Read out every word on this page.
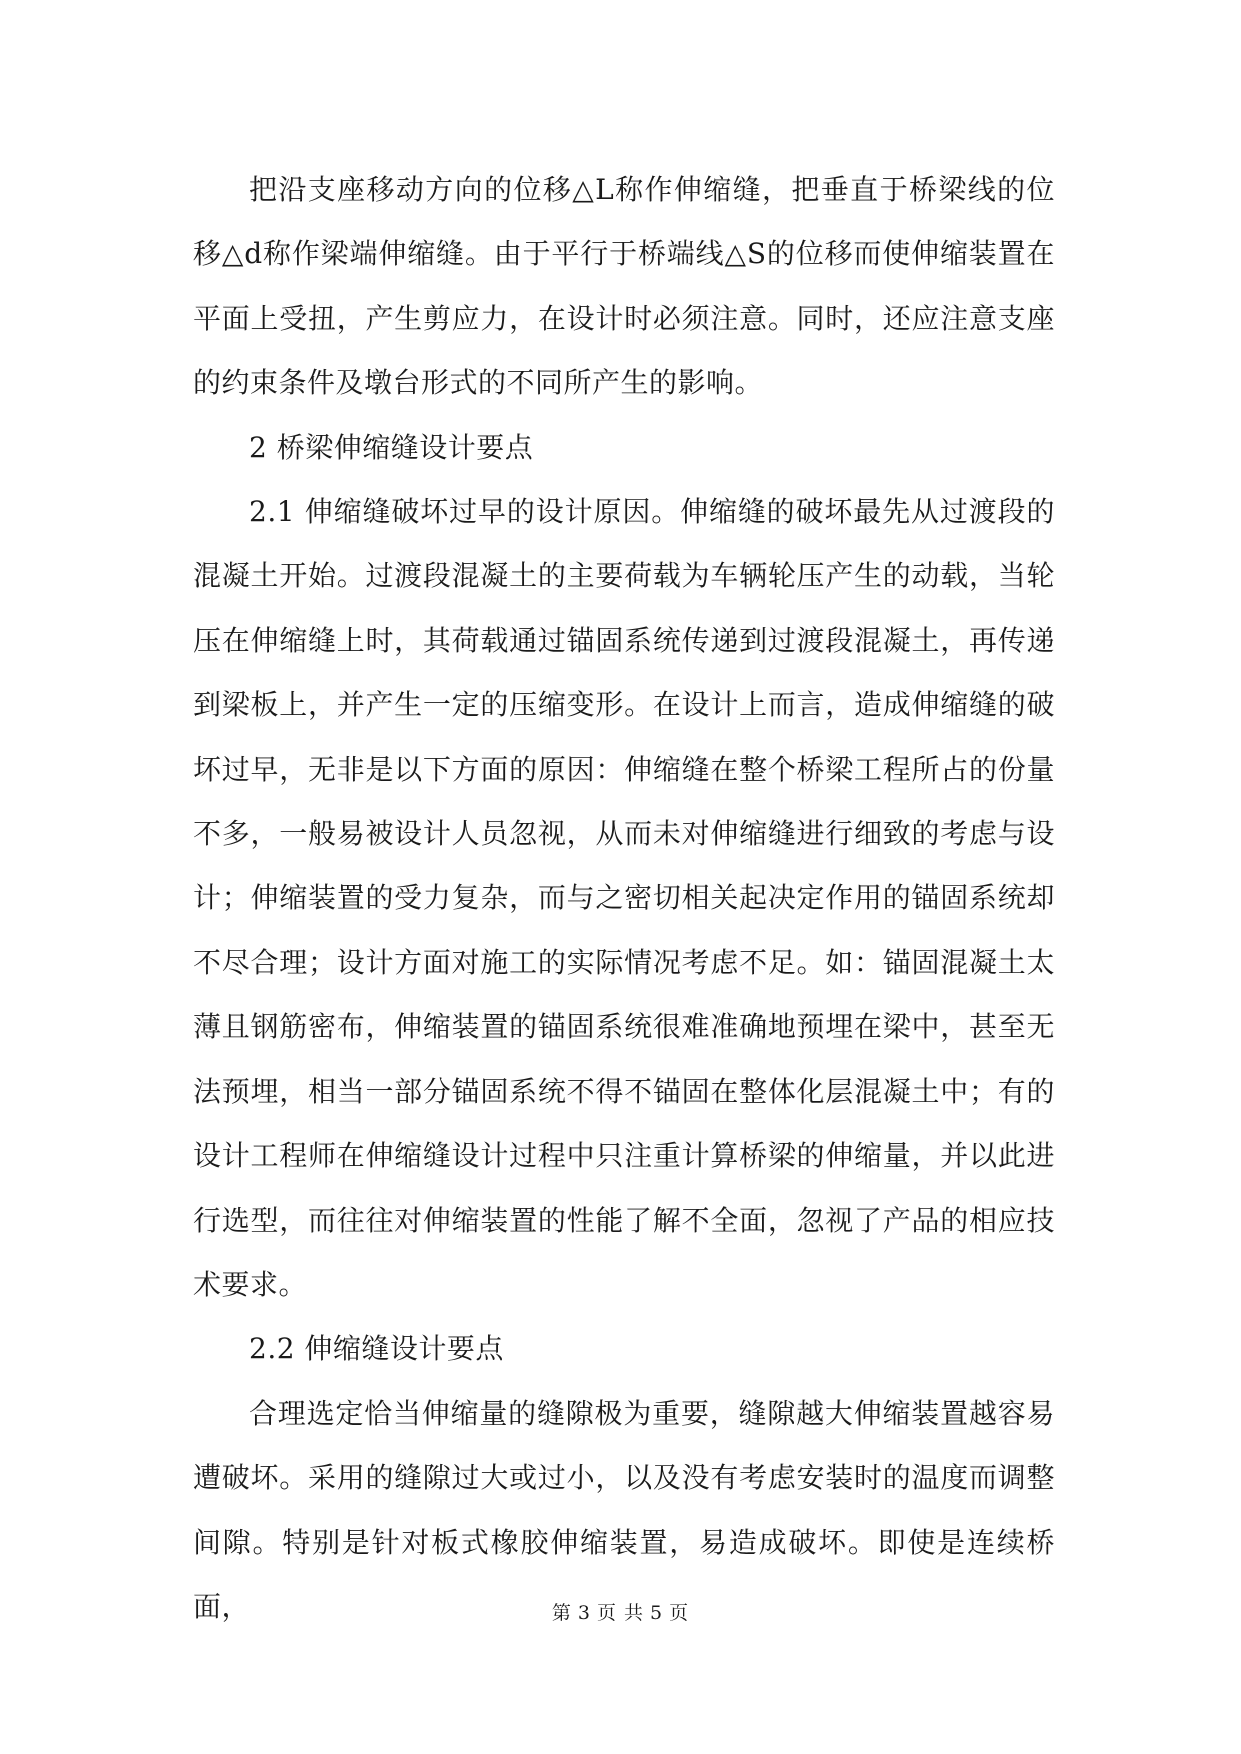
把沿支座移动方向的位移△L称作伸缩缝，把垂直于桥梁线的位移△d称作梁端伸缩缝。由于平行于桥端线△S的位移而使伸缩装置在平面上受扭，产生剪应力，在设计时必须注意。同时，还应注意支座的约束条件及墩台形式的不同所产生的影响。

2 桥梁伸缩缝设计要点

2.1 伸缩缝破坏过早的设计原因。伸缩缝的破坏最先从过渡段的混凝土开始。过渡段混凝土的主要荷载为车辆轮压产生的动载，当轮压在伸缩缝上时，其荷载通过锚固系统传递到过渡段混凝土，再传递到梁板上，并产生一定的压缩变形。在设计上而言，造成伸缩缝的破坏过早，无非是以下方面的原因：伸缩缝在整个桥梁工程所占的份量不多，一般易被设计人员忽视，从而未对伸缩缝进行细致的考虑与设计；伸缩装置的受力复杂，而与之密切相关起决定作用的锚固系统却不尽合理；设计方面对施工的实际情况考虑不足。如：锚固混凝土太薄且钢筋密布，伸缩装置的锚固系统很难准确地预埋在梁中，甚至无法预埋，相当一部分锚固系统不得不锚固在整体化层混凝土中；有的设计工程师在伸缩缝设计过程中只注重计算桥梁的伸缩量，并以此进行选型，而往往对伸缩装置的性能了解不全面，忽视了产品的相应技术要求。

2.2 伸缩缝设计要点

合理选定恰当伸缩量的缝隙极为重要，缝隙越大伸缩装置越容易遭破坏。采用的缝隙过大或过小，以及没有考虑安装时的温度而调整间隙。特别是针对板式橡胶伸缩装置，易造成破坏。即使是连续桥面，	第 3 页 共 5 页
